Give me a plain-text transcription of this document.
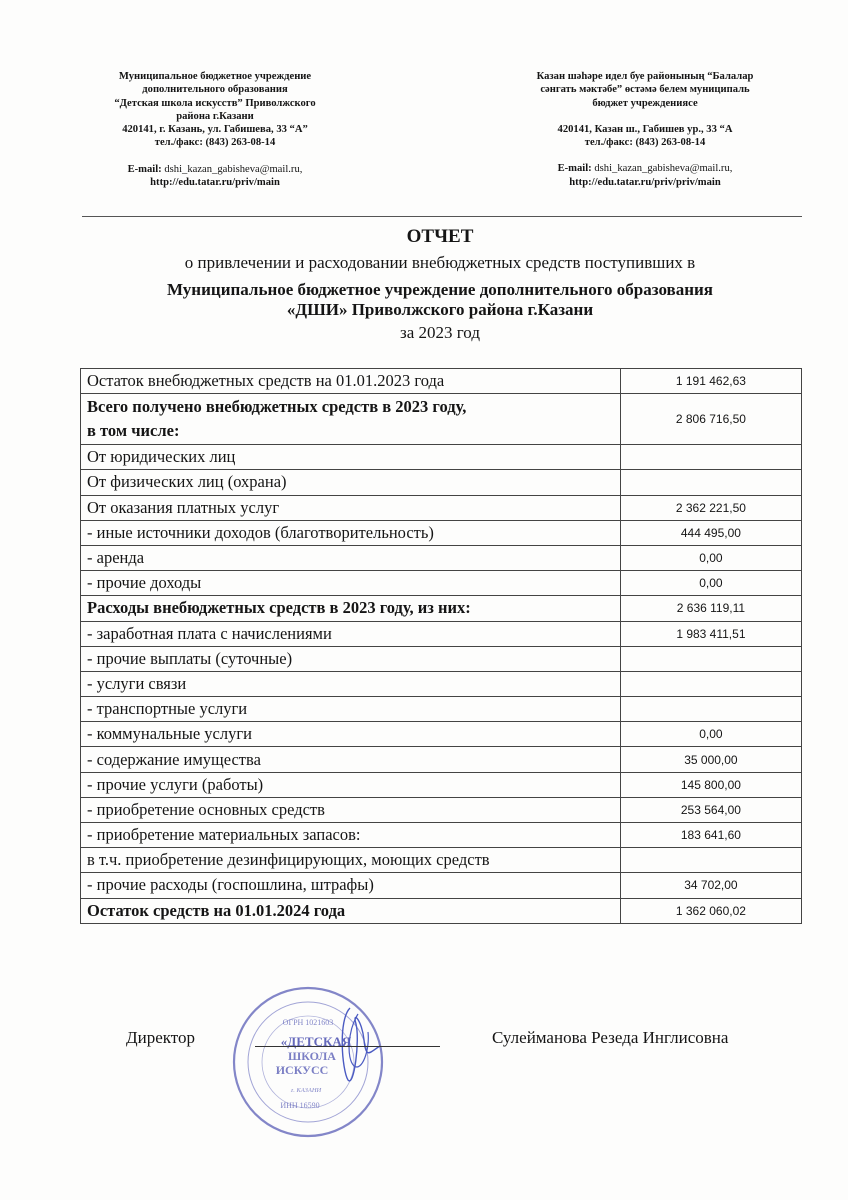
Муниципальное бюджетное учреждение
дополнительного образования
“Детская школа искусств” Приволжского
района г.Казани
420141, г. Казань, ул. Габишева, 33 “А”
тел./факс: (843) 263-08-14
E-mail: dshi_kazan_gabisheva@mail.ru,
http://edu.tatar.ru/priv/main
Казан шәһәре идел буе районының “Балалар
сәнгать мәктәбе” өстәмә белем муниципаль
бюджет учреждениясе
420141, Казан ш., Габишев ур., 33 “А
тел./факс: (843) 263-08-14
E-mail: dshi_kazan_gabisheva@mail.ru,
http://edu.tatar.ru/priv/priv/main
ОТЧЕТ
о привлечении и расходовании внебюджетных средств поступивших в
Муниципальное бюджетное учреждение дополнительного образования
«ДШИ» Приволжского района г.Казани
за 2023 год
Остаток внебюджетных средств на 01.01.2023 года	1 191 462,63

Всего получено внебюджетных средств в 2023 году,
в том числе:	2 806 716,50
От юридических лиц	
От физических лиц (охрана)	
От оказания платных услуг	2 362 221,50
- иные источники доходов (благотворительность)	444 495,00
- аренда	0,00
- прочие доходы	0,00
Расходы внебюджетных средств в 2023 году, из них:	2 636 119,11
- заработная плата с начислениями	1 983 411,51
- прочие выплаты (суточные)	
- услуги связи	
- транспортные услуги	
- коммунальные услуги	0,00
- содержание имущества	35 000,00
- прочие услуги (работы)	145 800,00
- приобретение основных средств	253 564,00
- приобретение материальных запасов:	183 641,60
в т.ч. приобретение дезинфицирующих, моющих средств	
- прочие расходы (госпошлина, штрафы)	34 702,00
Остаток средств на 01.01.2024 года	1 362 060,02
Директор
ОГРН 1021603
«ДЕТСКАЯ
ШКОЛА
ИСКУСС
г. КАЗАНИ
ИНН 16590
Сулейманова Резеда Инглисовна
